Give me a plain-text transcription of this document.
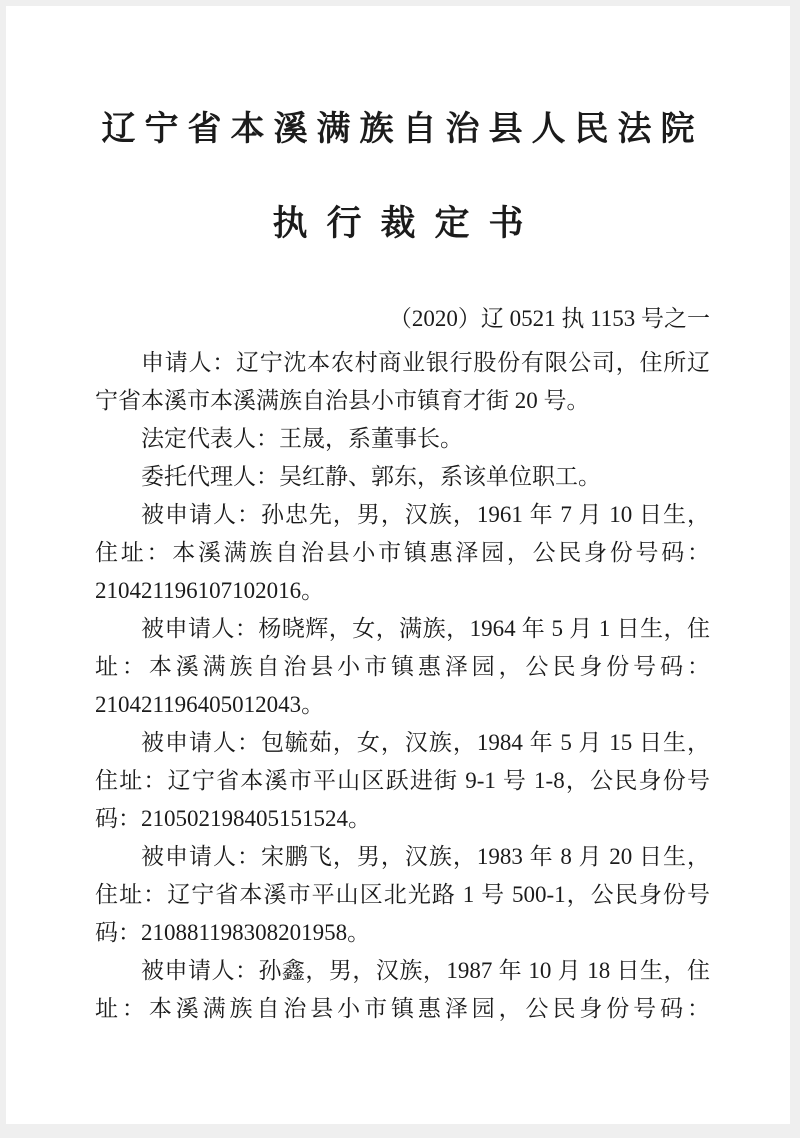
辽宁省本溪满族自治县人民法院
执行裁定书
（2020）辽 0521 执 1153 号之一

申请人：辽宁沈本农村商业银行股份有限公司，住所辽宁省本溪市本溪满族自治县小市镇育才街 20 号。

法定代表人：王晟，系董事长。

委托代理人：吴红静、郭东，系该单位职工。

被申请人：孙忠先，男，汉族，1961 年 7 月 10 日生，住址：本溪满族自治县小市镇惠泽园，公民身份号码：210421196107102016。

被申请人：杨晓辉，女，满族，1964 年 5 月 1 日生，住址：本溪满族自治县小市镇惠泽园，公民身份号码：210421196405012043。

被申请人：包毓茹，女，汉族，1984 年 5 月 15 日生，住址：辽宁省本溪市平山区跃进街 9-1 号 1-8，公民身份号码：210502198405151524。

被申请人：宋鹏飞，男，汉族，1983 年 8 月 20 日生，住址：辽宁省本溪市平山区北光路 1 号 500-1，公民身份号码：210881198308201958。

被申请人：孙鑫，男，汉族，1987 年 10 月 18 日生，住址：本溪满族自治县小市镇惠泽园，公民身份号码：
